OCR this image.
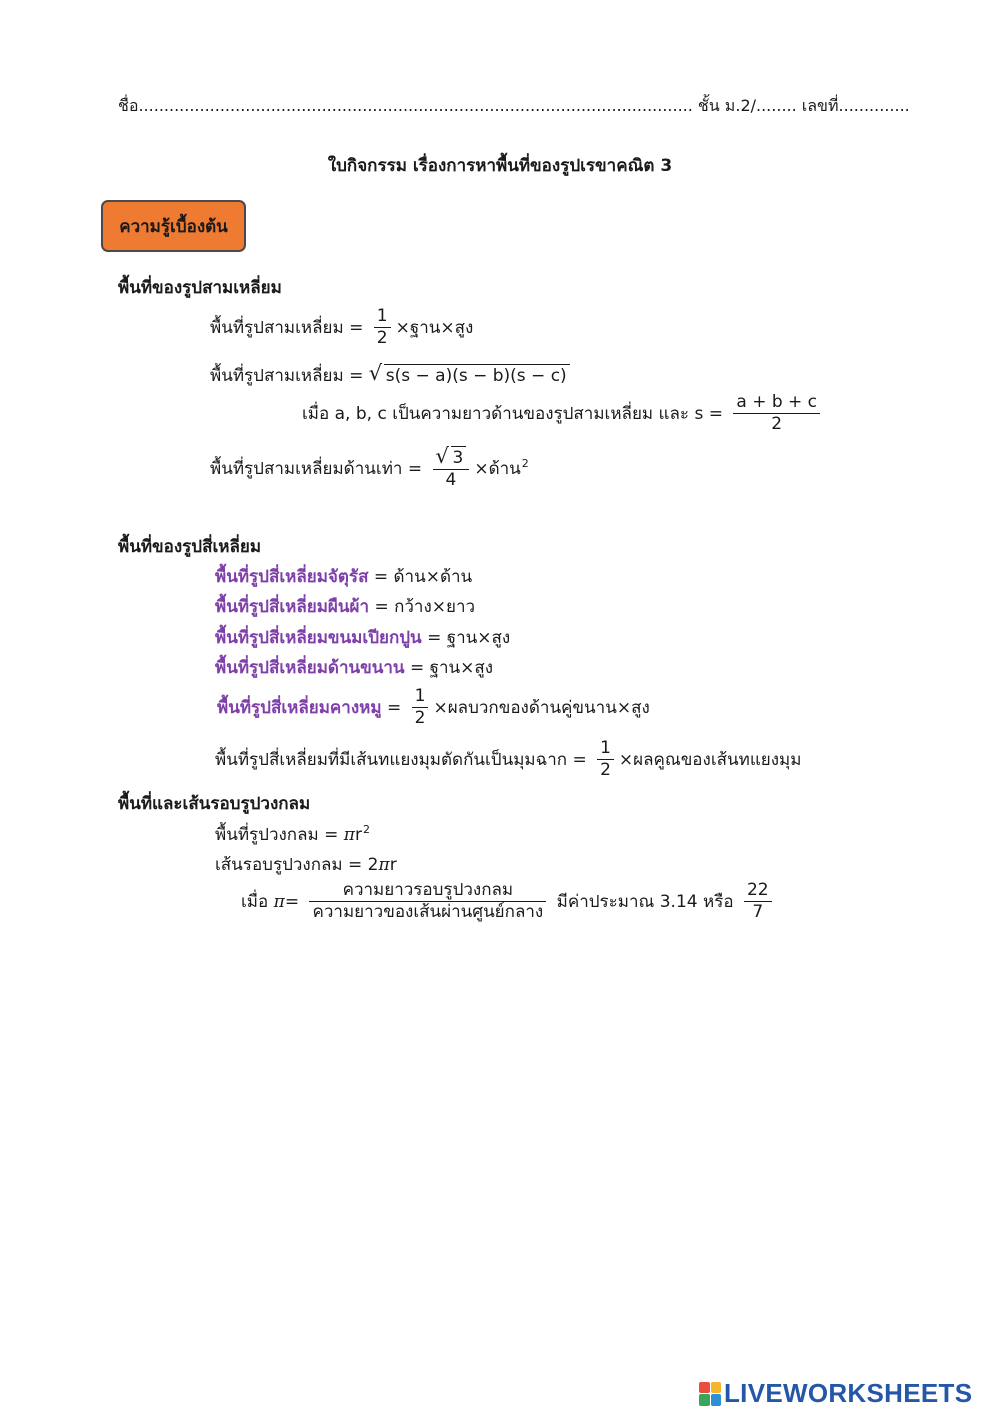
ชื่อ............................................................................................................. ชั้น ม.2/........ เลขที่..............
ใบกิจกรรม เรื่องการหาพื้นที่ของรูปเรขาคณิต 3
ความรู้เบื้องต้น
พื้นที่ของรูปสามเหลี่ยม
พื้นที่รูปสามเหลี่ยม = $\frac{1}{2}$ ×ฐาน×สูง
พื้นที่รูปสามเหลี่ยม = √ s(s − a)(s − b)(s − c)
เมื่อ a, b, c เป็นความยาวด้านของรูปสามเหลี่ยม และ $s = \frac{a + b + c}{2}$
พื้นที่รูปสามเหลี่ยมด้านเท่า = $\frac{√ 3}{4}$ ×ด้าน$^2$
พื้นที่ของรูปสี่เหลี่ยม
พื้นที่รูปสี่เหลี่ยมจัตุรัส = ด้าน×ด้าน
พื้นที่รูปสี่เหลี่ยมผืนผ้า = กว้าง×ยาว
พื้นที่รูปสี่เหลี่ยมขนมเปียกปูน = ฐาน×สูง
พื้นที่รูปสี่เหลี่ยมด้านขนาน = ฐาน×สูง
พื้นที่รูปสี่เหลี่ยมคางหมู = $\frac{1}{2}$ ×ผลบวกของด้านคู่ขนาน×สูง
พื้นที่รูปสี่เหลี่ยมที่มีเส้นทแยงมุมตัดกันเป็นมุมฉาก = $\frac{1}{2}$ ×ผลคูณของเส้นทแยงมุม
พื้นที่และเส้นรอบรูปวงกลม
พื้นที่รูปวงกลม = $\pi r^2$
เส้นรอบรูปวงกลม = 2πr
เมื่อ $\pi= \frac{\text{ความยาวรอบรูปวงกลม}}{\text{ความยาวของเส้นผ่านศูนย์กลาง}}$ มีค่าประมาณ 3.14 หรือ $\frac{22}{7}$
LIVEWORKSHEETS
